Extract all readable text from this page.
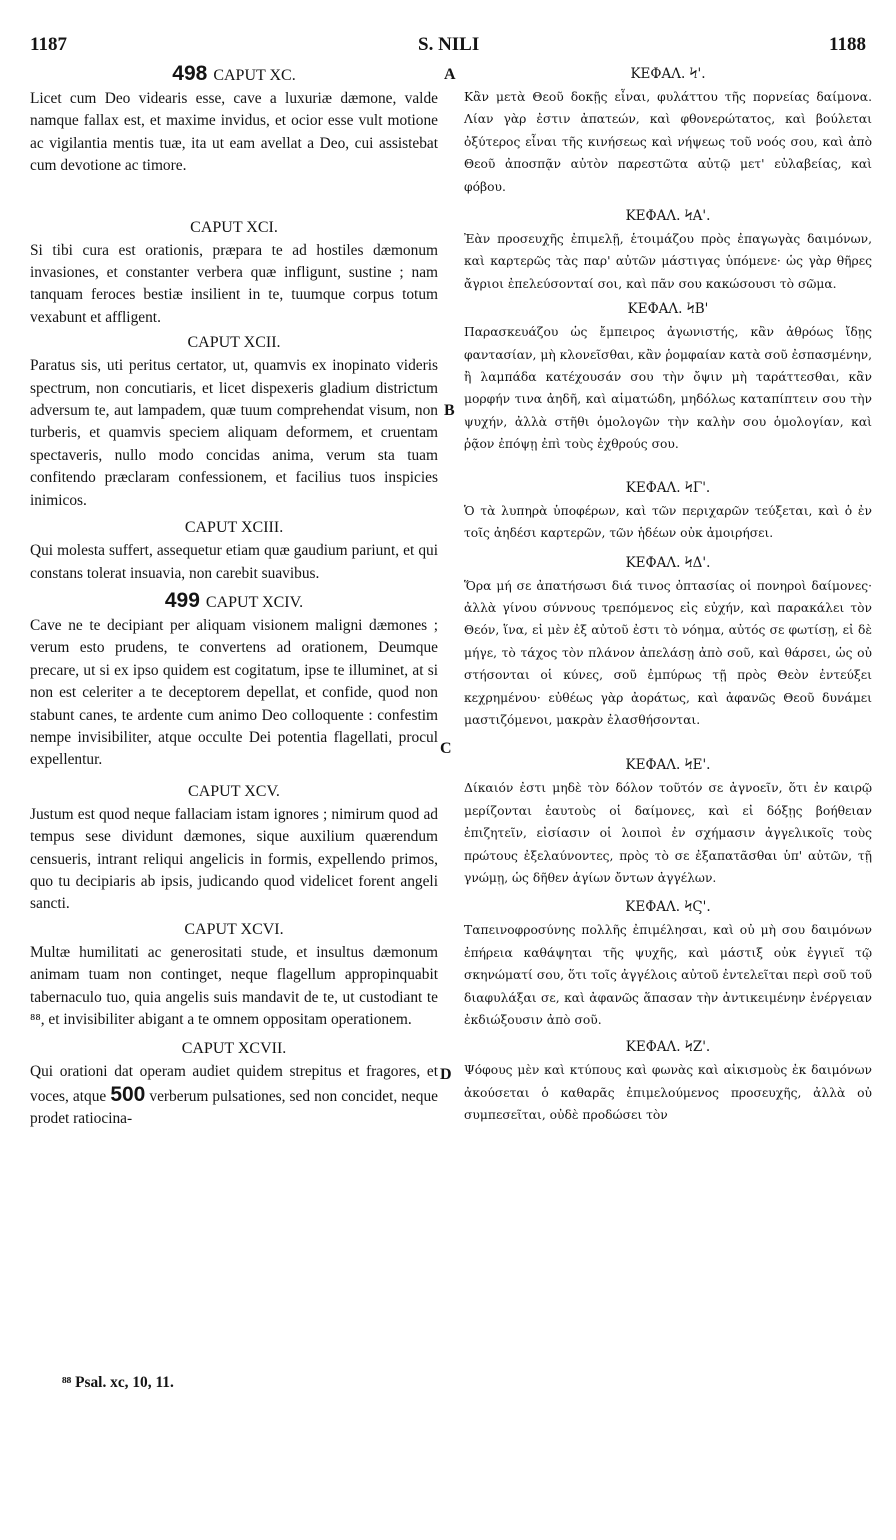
1187	S. NILI	1188
A
B
C
D

498 CAPUT XC.

Licet cum Deo videaris esse, cave a luxuriæ dæmone, valde namque fallax est, et maxime invidus, et ocior esse vult motione ac vigilantia mentis tuæ, ita ut eam avellat a Deo, cui assistebat cum devotione ac timore.

CAPUT XCI.

Si tibi cura est orationis, præpara te ad hostiles dæmonum invasiones, et constanter verbera quæ infligunt, sustine ; nam tanquam feroces bestiæ insilient in te, tuumque corpus totum vexabunt et affligent.

CAPUT XCII.

Paratus sis, uti peritus certator, ut, quamvis ex inopinato videris spectrum, non concutiaris, et licet dispexeris gladium districtum adversum te, aut lampadem, quæ tuum comprehendat visum, non turberis, et quamvis speciem aliquam deformem, et cruentam spectaveris, nullo modo concidas anima, verum sta tuam confitendo præclaram confessionem, et facilius tuos inspicies inimicos.

CAPUT XCIII.

Qui molesta suffert, assequetur etiam quæ gaudium pariunt, et qui constans tolerat insuavia, non carebit suavibus.

499 CAPUT XCIV.

Cave ne te decipiant per aliquam visionem maligni dæmones ; verum esto prudens, te convertens ad orationem, Deumque precare, ut si ex ipso quidem est cogitatum, ipse te illuminet, at si non est celeriter a te deceptorem depellat, et confide, quod non stabunt canes, te ardente cum animo Deo colloquente : confestim nempe invisibiliter, atque occulte Dei potentia flagellati, procul expellentur.

CAPUT XCV.

Justum est quod neque fallaciam istam ignores ; nimirum quod ad tempus sese dividunt dæmones, sique auxilium quærendum censueris, intrant reliqui angelicis in formis, expellendo primos, quo tu decipiaris ab ipsis, judicando quod videlicet forent angeli sancti.

CAPUT XCVI.

Multæ humilitati ac generositati stude, et insultus dæmonum animam tuam non continget, neque flagellum appropinquabit tabernaculo tuo, quia angelis suis mandavit de te, ut custodiant te ⁸⁸, et invisibiliter abigant a te omnem oppositam operationem.

CAPUT XCVII.

Qui orationi dat operam audiet quidem strepitus et fragores, et voces, atque 500 verberum pulsationes, sed non concidet, neque prodet ratiocina-

⁸⁸ Psal. xc, 10, 11.

ΚΕΦΑΛ. Ϟ'.

Κἂν μετὰ Θεοῦ δοκῇς εἶναι, φυλάττου τῆς πορνείας δαίμονα. Λίαν γὰρ ἐστιν ἀπατεών, καὶ φθονερώτατος, καὶ βούλεται ὀξύτερος εἶναι τῆς κινήσεως καὶ νήψεως τοῦ νοός σου, καὶ ἀπὸ Θεοῦ ἀποσπᾷν αὐτὸν παρεστῶτα αὐτῷ μετ' εὐλαβείας, καὶ φόβου.

ΚΕΦΑΛ. ϞΑ'.

Ἐὰν προσευχῆς ἐπιμελῇ, ἑτοιμάζου πρὸς ἐπαγωγὰς δαιμόνων, καὶ καρτερῶς τὰς παρ' αὐτῶν μάστιγας ὑπόμενε· ὡς γὰρ θῆρες ἄγριοι ἐπελεύσονταί σοι, καὶ πᾶν σου κακώσουσι τὸ σῶμα.

ΚΕΦΑΛ. ϞΒ'

Παρασκευάζου ὡς ἔμπειρος ἀγωνιστής, κἂν ἀθρόως ἴδῃς φαντασίαν, μὴ κλονεῖσθαι, κἂν ῥομφαίαν κατὰ σοῦ ἐσπασμένην, ἢ λαμπάδα κατέχουσάν σου τὴν ὄψιν μὴ ταράττεσθαι, κἂν μορφήν τινα ἀηδῆ, καὶ αἱματώδη, μηδόλως καταπίπτειν σου τὴν ψυχήν, ἀλλὰ στῆθι ὁμολογῶν τὴν καλὴν σου ὁμολογίαν, καὶ ῥᾷον ἐπόψῃ ἐπὶ τοὺς ἐχθρούς σου.

ΚΕΦΑΛ. ϞΓ'.

Ὁ τὰ λυπηρὰ ὑποφέρων, καὶ τῶν περιχαρῶν τεύξεται, καὶ ὁ ἐν τοῖς ἀηδέσι καρτερῶν, τῶν ἡδέων οὐκ ἀμοιρήσει.

ΚΕΦΑΛ. ϞΔ'.

Ὅρα μή σε ἀπατήσωσι διά τινος ὀπτασίας οἱ πονηροὶ δαίμονες· ἀλλὰ γίνου σύννους τρεπόμενος εἰς εὐχήν, καὶ παρακάλει τὸν Θεόν, ἵνα, εἰ μὲν ἐξ αὐτοῦ ἐστι τὸ νόημα, αὐτός σε φωτίσῃ, εἰ δὲ μήγε, τὸ τάχος τὸν πλάνον ἀπελάσῃ ἀπὸ σοῦ, καὶ θάρσει, ὡς οὐ στήσονται οἱ κύνες, σοῦ ἐμπύρως τῇ πρὸς Θεὸν ἐντεύξει κεχρημένου· εὐθέως γὰρ ἀοράτως, καὶ ἀφανῶς Θεοῦ δυνάμει μαστιζόμενοι, μακρὰν ἐλασθήσονται.

ΚΕΦΑΛ. ϞΕ'.

Δίκαιόν ἐστι μηδὲ τὸν δόλον τοῦτόν σε ἀγνοεῖν, ὅτι ἐν καιρῷ μερίζονται ἑαυτοὺς οἱ δαίμονες, καὶ εἰ δόξῃς βοήθειαν ἐπιζητεῖν, εἰσίασιν οἱ λοιποὶ ἐν σχήμασιν ἀγγελικοῖς τοὺς πρώτους ἐξελαύνοντες, πρὸς τὸ σε ἐξαπατᾶσθαι ὑπ' αὐτῶν, τῇ γνώμῃ, ὡς δῆθεν ἁγίων ὄντων ἀγγέλων.

ΚΕΦΑΛ. ϞϚ'.

Ταπεινοφροσύνης πολλῆς ἐπιμέλησαι, καὶ οὐ μὴ σου δαιμόνων ἐπήρεια καθάψηται τῆς ψυχῆς, καὶ μάστιξ οὐκ ἐγγιεῖ τῷ σκηνώματί σου, ὅτι τοῖς ἀγγέλοις αὐτοῦ ἐντελεῖται περὶ σοῦ τοῦ διαφυλάξαι σε, καὶ ἀφανῶς ἅπασαν τὴν ἀντικειμένην ἐνέργειαν ἐκδιώξουσιν ἀπὸ σοῦ.

ΚΕΦΑΛ. ϞΖ'.

Ψόφους μὲν καὶ κτύπους καὶ φωνὰς καὶ αἰκισμοὺς ἐκ δαιμόνων ἀκούσεται ὁ καθαρᾶς ἐπιμελούμενος προσευχῆς, ἀλλὰ οὐ συμπεσεῖται, οὐδὲ προδώσει τὸν
